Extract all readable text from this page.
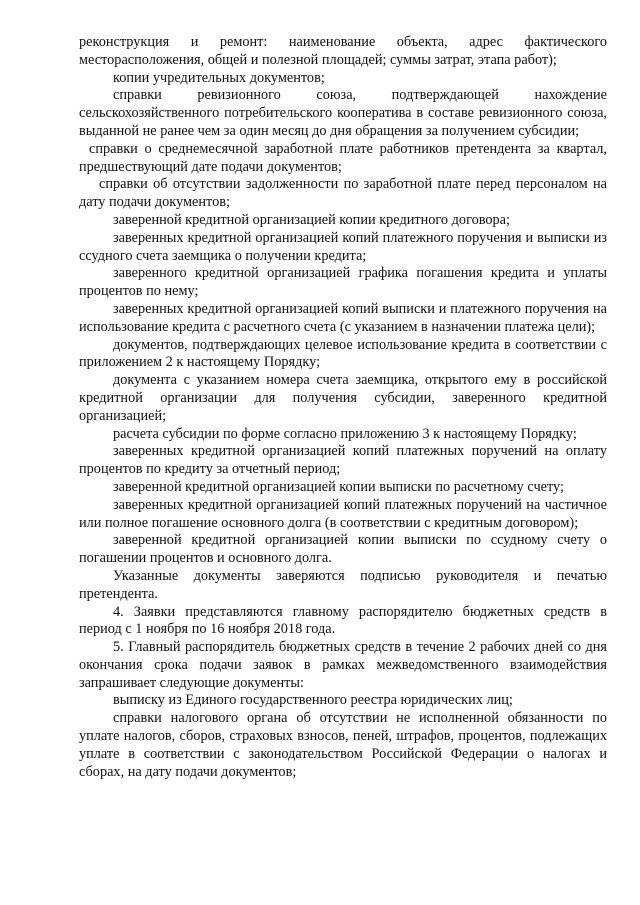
реконструкция и ремонт: наименование объекта, адрес фактического месторасположения, общей и полезной площадей; суммы затрат, этапа работ);

копии учредительных документов;

справки ревизионного союза, подтверждающей нахождение сельскохозяйственного потребительского кооператива в составе ревизионного союза, выданной не ранее чем за один месяц до дня обращения за получением субсидии;

справки о среднемесячной заработной плате работников претендента за квартал, предшествующий дате подачи документов;

справки об отсутствии задолженности по заработной плате перед персоналом на дату подачи документов;

заверенной кредитной организацией копии кредитного договора;

заверенных кредитной организацией копий платежного поручения и выписки из ссудного счета заемщика о получении кредита;

заверенного кредитной организацией графика погашения кредита и уплаты процентов по нему;

заверенных кредитной организацией копий выписки и платежного поручения на использование кредита с расчетного счета (с указанием в назначении платежа цели);

документов, подтверждающих целевое использование кредита в соответствии с приложением 2 к настоящему Порядку;

документа с указанием номера счета заемщика, открытого ему в российской кредитной организации для получения субсидии, заверенного кредитной организацией;

расчета субсидии по форме согласно приложению 3 к настоящему Порядку;

заверенных кредитной организацией копий платежных поручений на оплату процентов по кредиту за отчетный период;

заверенной кредитной организацией копии выписки по расчетному счету;

заверенных кредитной организацией копий платежных поручений на частичное или полное погашение основного долга (в соответствии с кредитным договором);

заверенной кредитной организацией копии выписки по ссудному счету о погашении процентов и основного долга.

Указанные документы заверяются подписью руководителя и печатью претендента.

4. Заявки представляются главному распорядителю бюджетных средств в период с 1 ноября по 16 ноября 2018 года.

5. Главный распорядитель бюджетных средств в течение 2 рабочих дней со дня окончания срока подачи заявок в рамках межведомственного взаимодействия запрашивает следующие документы:

выписку из Единого государственного реестра юридических лиц;

справки налогового органа об отсутствии не исполненной обязанности по уплате налогов, сборов, страховых взносов, пеней, штрафов, процентов, подлежащих уплате в соответствии с законодательством Российской Федерации о налогах и сборах, на дату подачи документов;
